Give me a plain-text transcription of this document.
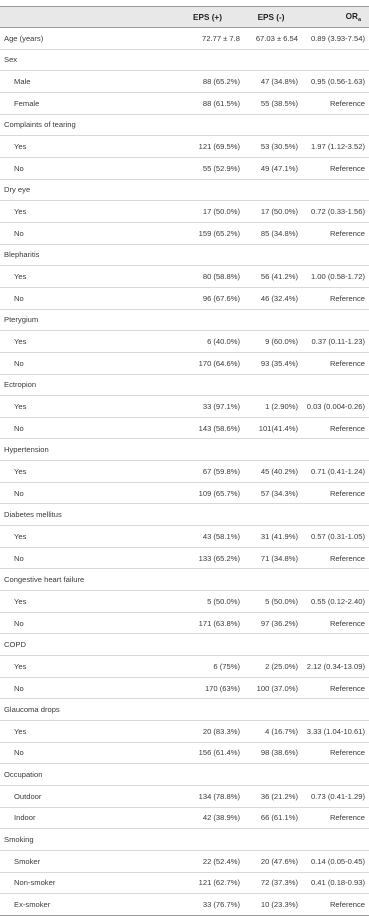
	EPS (+)	EPS (-)	$OR_a$
Age (years)	72.77 ± 7.8	67.03 ± 6.54	0.89 (3.93-7.54)
Sex			
Male	88 (65.2%)	47 (34.8%)	0.95 (0.56-1.63)
Female	88 (61.5%)	55 (38.5%)	Reference
Complaints of tearing			
Yes	121 (69.5%)	53 (30.5%)	1.97 (1.12-3.52)
No	55 (52.9%)	49 (47.1%)	Reference
Dry eye			
Yes	17 (50.0%)	17 (50.0%)	0.72 (0.33-1.56)
No	159 (65.2%)	85 (34.8%)	Reference
Blepharitis			
Yes	80 (58.8%)	56 (41.2%)	1.00 (0.58-1.72)
No	96 (67.6%)	46 (32.4%)	Reference
Pterygium			
Yes	6 (40.0%)	9 (60.0%)	0.37 (0.11-1.23)
No	170 (64.6%)	93 (35.4%)	Reference
Ectropion			
Yes	33 (97.1%)	1 (2.90%)	0.03 (0.004-0.26)
No	143 (58.6%)	101(41.4%)	Reference
Hypertension			
Yes	67 (59.8%)	45 (40.2%)	0.71 (0.41-1.24)
No	109 (65.7%)	57 (34.3%)	Reference
Diabetes mellitus			
Yes	43 (58.1%)	31 (41.9%)	0.57 (0.31-1.05)
No	133 (65.2%)	71 (34.8%)	Reference
Congestive heart failure			
Yes	5 (50.0%)	5 (50.0%)	0.55 (0.12-2.40)
No	171 (63.8%)	97 (36.2%)	Reference
COPD			
Yes	6 (75%)	2 (25.0%)	2.12 (0.34-13.09)
No	170 (63%)	100 (37.0%)	Reference
Glaucoma drops			
Yes	20 (83.3%)	4 (16.7%)	3.33 (1.04-10.61)
No	156 (61.4%)	98 (38.6%)	Reference
Occupation			
Outdoor	134 (78.8%)	36 (21.2%)	0.73 (0.41-1.29)
Indoor	42 (38.9%)	66 (61.1%)	Reference
Smoking			
Smoker	22 (52.4%)	20 (47.6%)	0.14 (0.05-0.45)
Non-smoker	121 (62.7%)	72 (37.3%)	0.41 (0.18-0.93)
Ex-smoker	33 (76.7%)	10 (23.3%)	Reference
